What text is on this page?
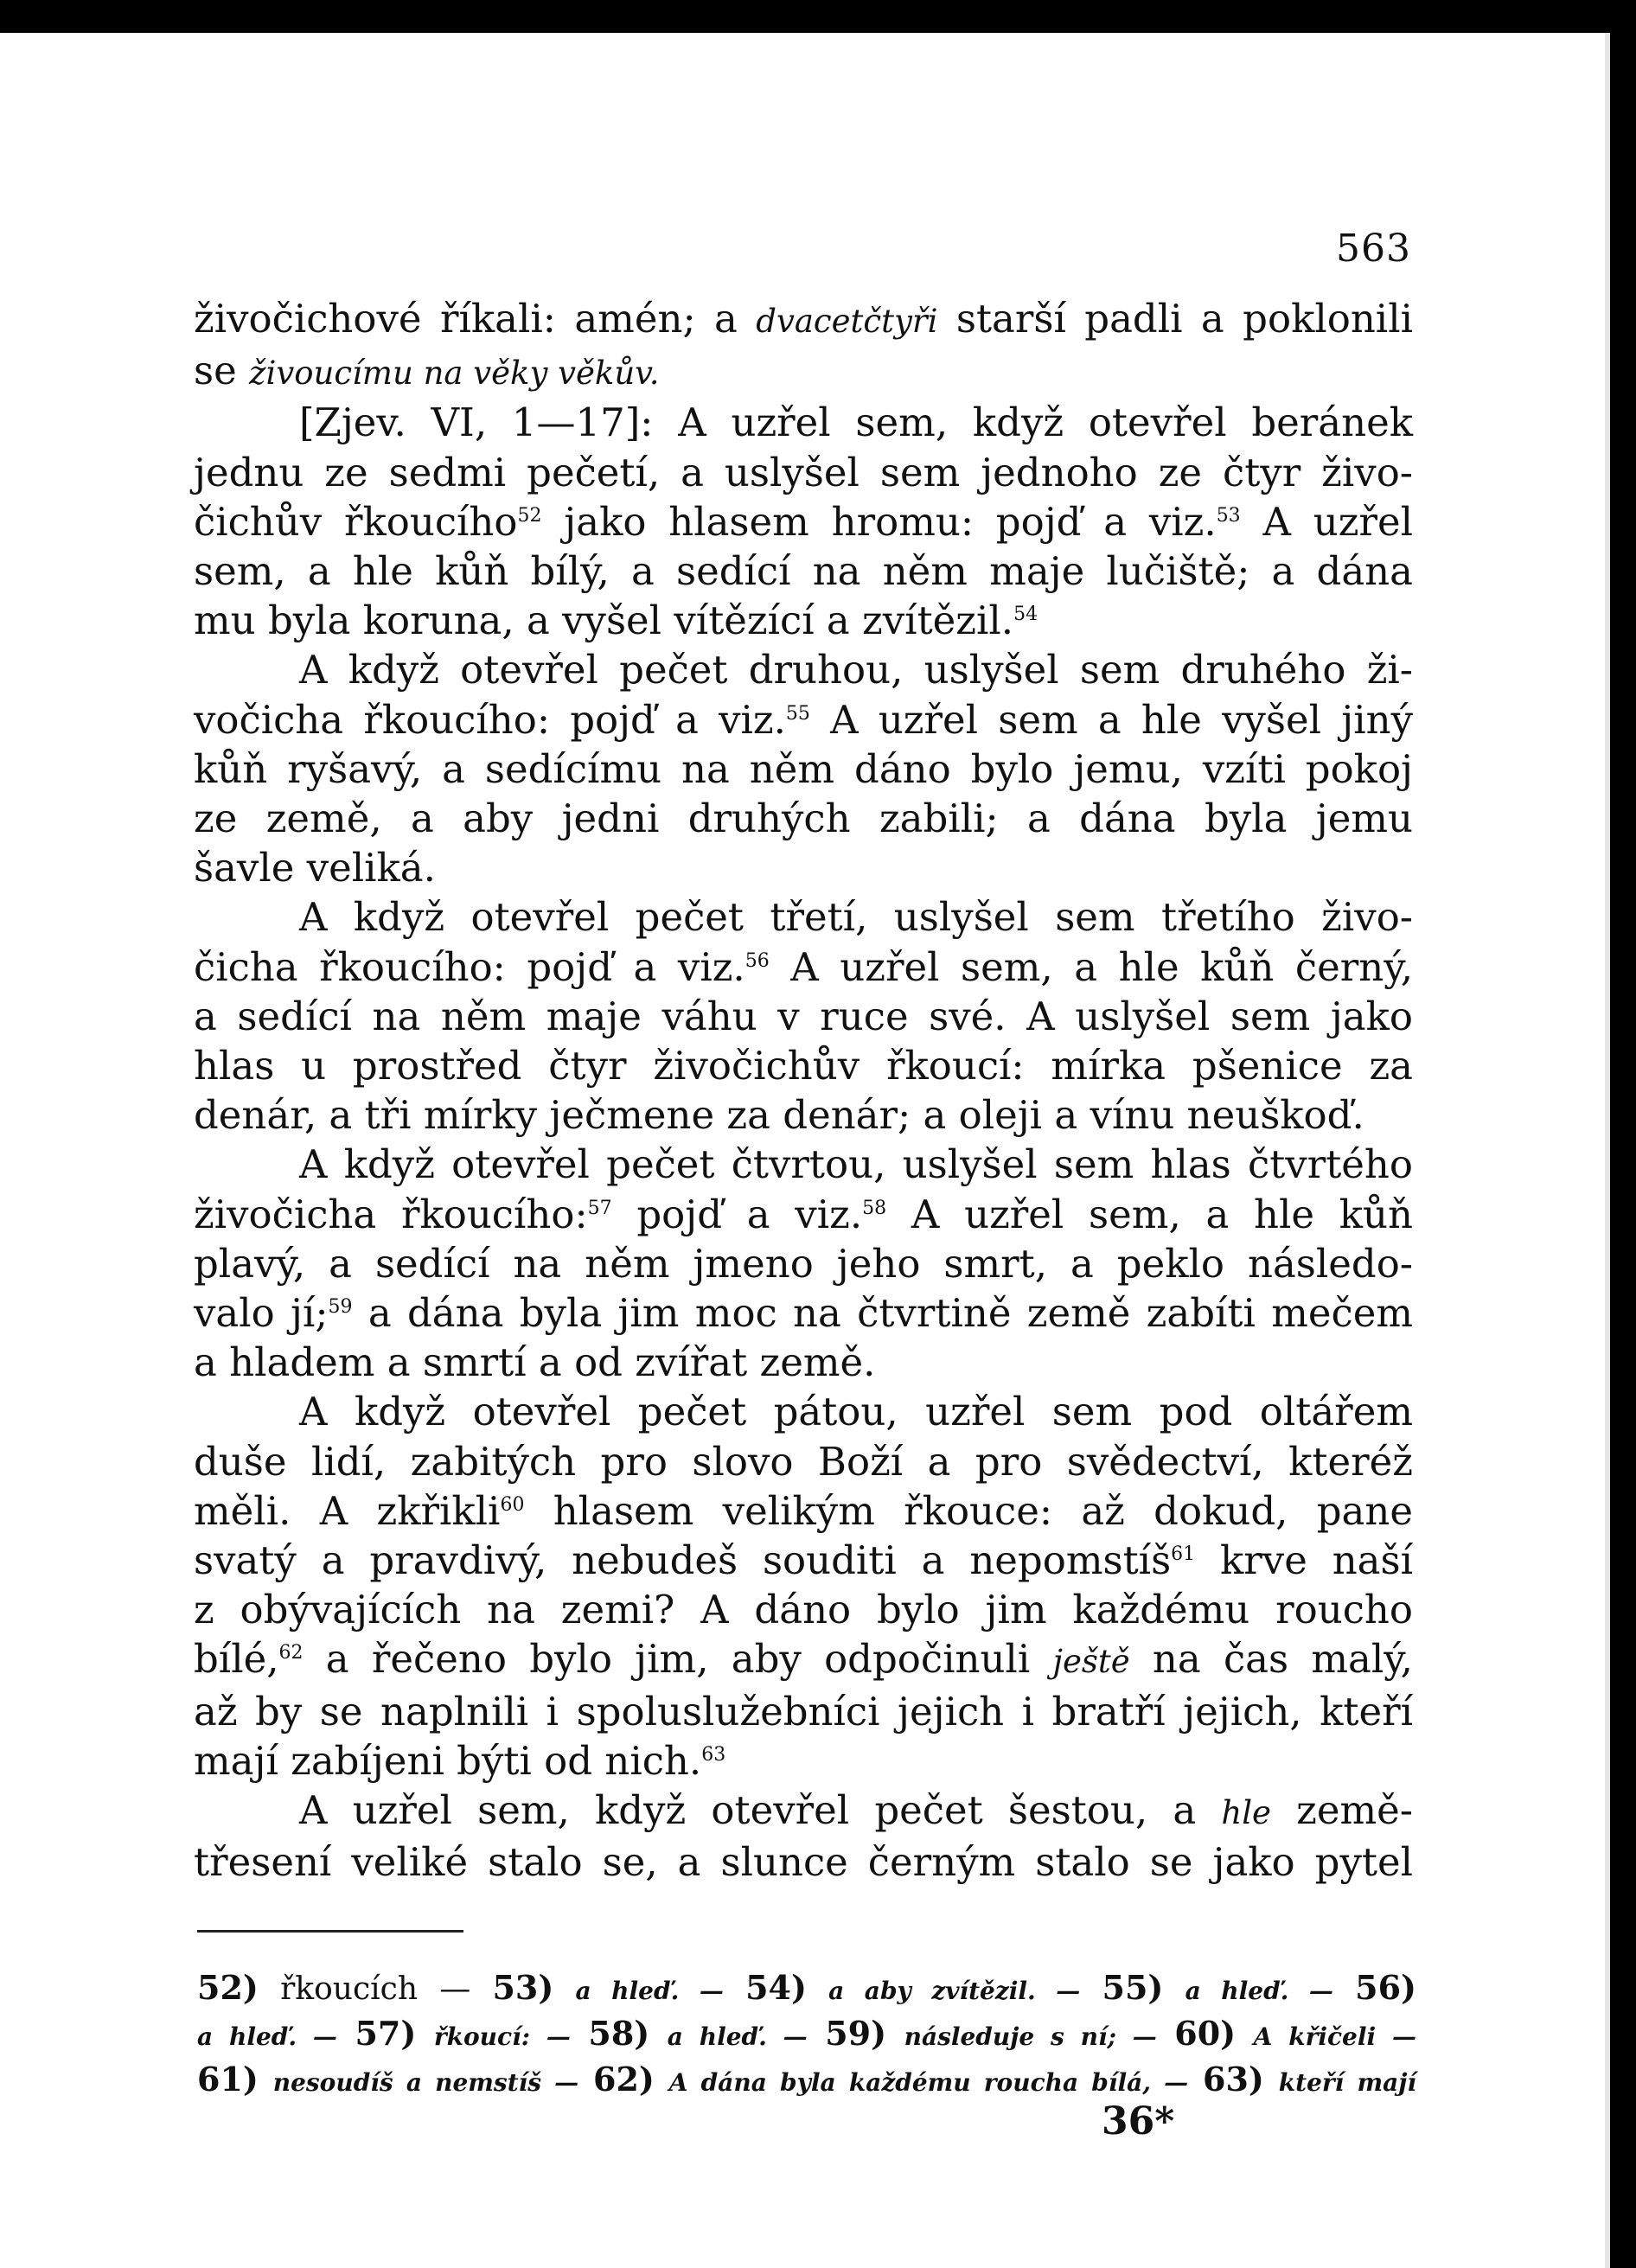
563
živočichové říkali: amén; a dvacetčtyři starší padli a poklonili
se živoucímu na věky věkův.
[Zjev. VI, 1—17]: A uzřel sem, když otevřel beránek
jednu ze sedmi pečetí, a uslyšel sem jednoho ze čtyr živo-
čichův řkoucího$^{52}$ jako hlasem hromu: pojď a viz.$^{53}$ A uzřel
sem, a hle kůň bílý, a sedící na něm maje lučiště; a dána
mu byla koruna, a vyšel vítězící a zvítězil.$^{54}$
A když otevřel pečet druhou, uslyšel sem druhého ži-
vočicha řkoucího: pojď a viz.$^{55}$ A uzřel sem a hle vyšel jiný
kůň ryšavý, a sedícímu na něm dáno bylo jemu, vzíti pokoj
ze země, a aby jedni druhých zabili; a dána byla jemu
šavle veliká.
A když otevřel pečet třetí, uslyšel sem třetího živo-
čicha řkoucího: pojď a viz.$^{56}$ A uzřel sem, a hle kůň černý,
a sedící na něm maje váhu v ruce své. A uslyšel sem jako
hlas u prostřed čtyr živočichův řkoucí: mírka pšenice za
denár, a tři mírky ječmene za denár; a oleji a vínu neuškoď.
A když otevřel pečet čtvrtou, uslyšel sem hlas čtvrtého
živočicha řkoucího:$^{57}$ pojď a viz.$^{58}$ A uzřel sem, a hle kůň
plavý, a sedící na něm jmeno jeho smrt, a peklo následo-
valo jí;$^{59}$ a dána byla jim moc na čtvrtině země zabíti mečem
a hladem a smrtí a od zvířat země.
A když otevřel pečet pátou, uzřel sem pod oltářem
duše lidí, zabitých pro slovo Boží a pro svědectví, kteréž
měli. A zkřikli$^{60}$ hlasem velikým řkouce: až dokud, pane
svatý a pravdivý, nebudeš souditi a nepomstíš$^{61}$ krve naší
z obývajících na zemi? A dáno bylo jim každému roucho
bílé,$^{62}$ a řečeno bylo jim, aby odpočinuli ještě na čas malý,
až by se naplnili i spoluslužebníci jejich i bratří jejich, kteří
mají zabíjeni býti od nich.$^{63}$
A uzřel sem, když otevřel pečet šestou, a hle země-
třesení veliké stalo se, a slunce černým stalo se jako pytel
52) řkoucích — 53) a hleď. — 54) a aby zvítězil. — 55) a hleď. — 56)
a hleď. — 57) řkoucí: — 58) a hleď. — 59) následuje s ní; — 60) A křičeli —
61) nesoudíš a nemstíš — 62) A dána byla každému roucha bílá, — 63) kteří mají
36*
